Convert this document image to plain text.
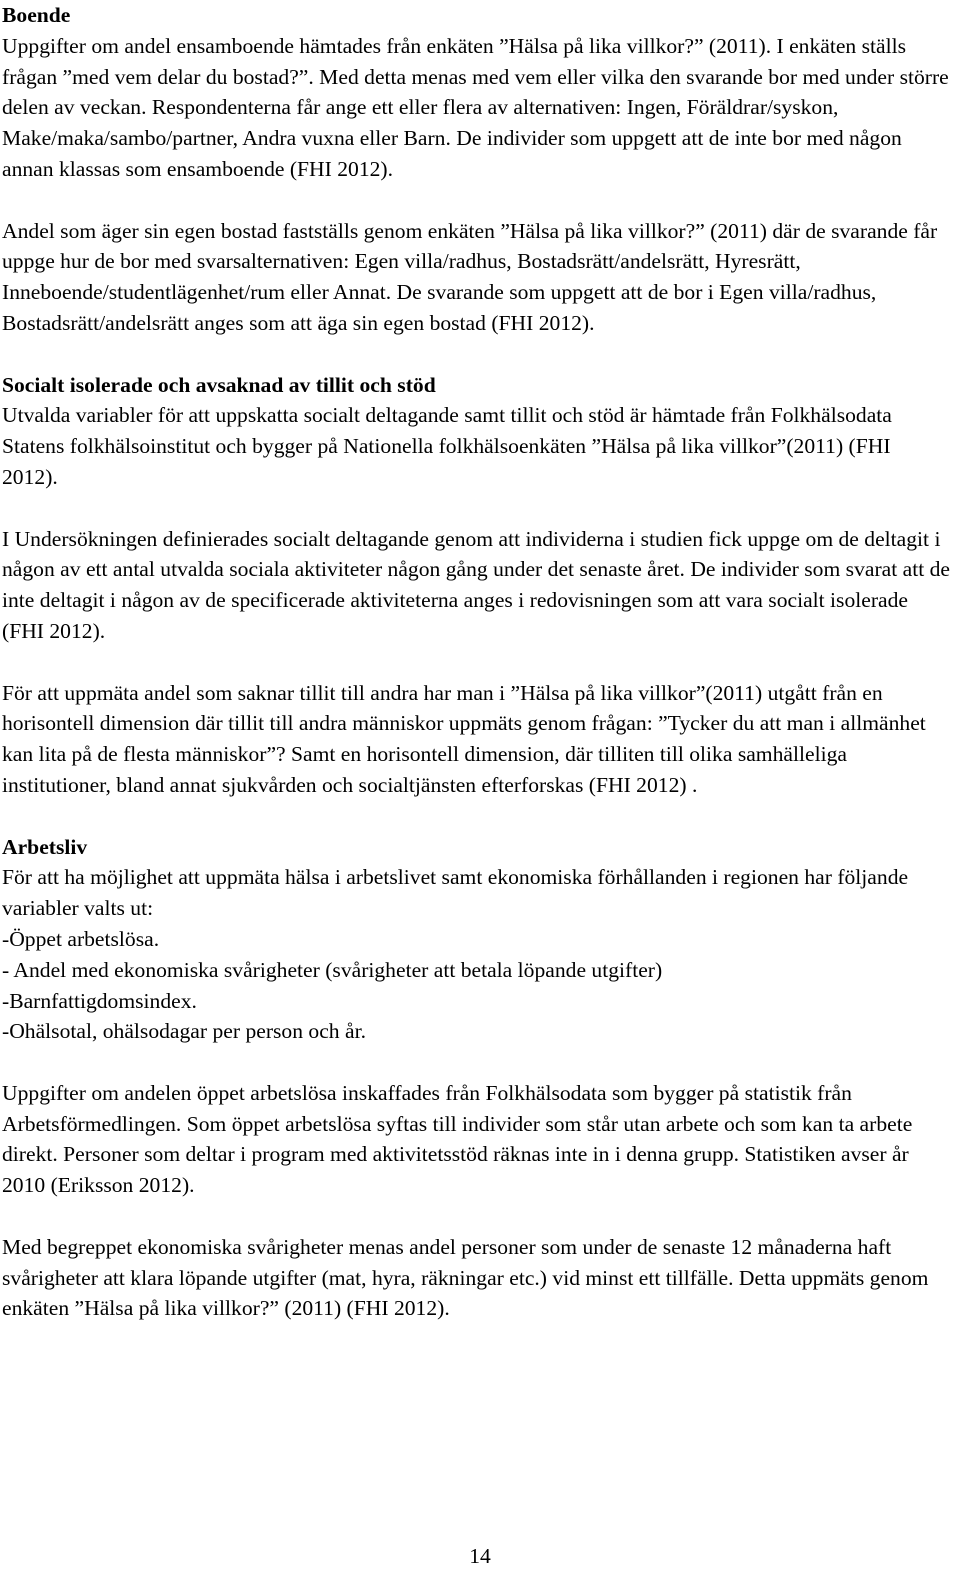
Boende
Uppgifter om andel ensamboende hämtades från enkäten ”Hälsa på lika villkor?” (2011). I enkäten ställs frågan ”med vem delar du bostad?”. Med detta menas med vem eller vilka den svarande bor med under större delen av veckan. Respondenterna får ange ett eller flera av alternativen: Ingen, Föräldrar/syskon, Make/maka/sambo/partner, Andra vuxna eller Barn. De individer som uppgett att de inte bor med någon annan klassas som ensamboende (FHI 2012).
Andel som äger sin egen bostad fastställs genom enkäten ”Hälsa på lika villkor?” (2011) där de svarande får uppge hur de bor med svarsalternativen: Egen villa/radhus, Bostadsrätt/andelsrätt, Hyresrätt, Inneboende/studentlägenhet/rum eller Annat. De svarande som uppgett att de bor i Egen villa/radhus, Bostadsrätt/andelsrätt anges som att äga sin egen bostad (FHI 2012).
Socialt isolerade och avsaknad av tillit och stöd
Utvalda variabler för att uppskatta socialt deltagande samt tillit och stöd är hämtade från Folkhälsodata Statens folkhälsoinstitut och bygger på Nationella folkhälsoenkäten ”Hälsa på lika villkor”(2011) (FHI 2012).
I Undersökningen definierades socialt deltagande genom att individerna i studien fick uppge om de deltagit i någon av ett antal utvalda sociala aktiviteter någon gång under det senaste året. De individer som svarat att de inte deltagit i någon av de specificerade aktiviteterna anges i redovisningen som att vara socialt isolerade (FHI 2012).
För att uppmäta andel som saknar tillit till andra har man i ”Hälsa på lika villkor”(2011) utgått från en horisontell dimension där tillit till andra människor uppmäts genom frågan: ”Tycker du att man i allmänhet kan lita på de flesta människor”? Samt en horisontell dimension, där tilliten till olika samhälleliga institutioner, bland annat sjukvården och socialtjänsten efterforskas (FHI 2012) .
Arbetsliv
För att ha möjlighet att uppmäta hälsa i arbetslivet samt ekonomiska förhållanden i regionen har följande variabler valts ut:
-Öppet arbetslösa.
- Andel med ekonomiska svårigheter (svårigheter att betala löpande utgifter)
-Barnfattigdomsindex.
-Ohälsotal, ohälsodagar per person och år.
Uppgifter om andelen öppet arbetslösa inskaffades från Folkhälsodata som bygger på statistik från Arbetsförmedlingen. Som öppet arbetslösa syftas till individer som står utan arbete och som kan ta arbete direkt. Personer som deltar i program med aktivitetsstöd räknas inte in i denna grupp. Statistiken avser år 2010 (Eriksson 2012).
Med begreppet ekonomiska svårigheter menas andel personer som under de senaste 12 månaderna haft svårigheter att klara löpande utgifter (mat, hyra, räkningar etc.) vid minst ett tillfälle. Detta uppmäts genom enkäten ”Hälsa på lika villkor?” (2011) (FHI 2012).
14
